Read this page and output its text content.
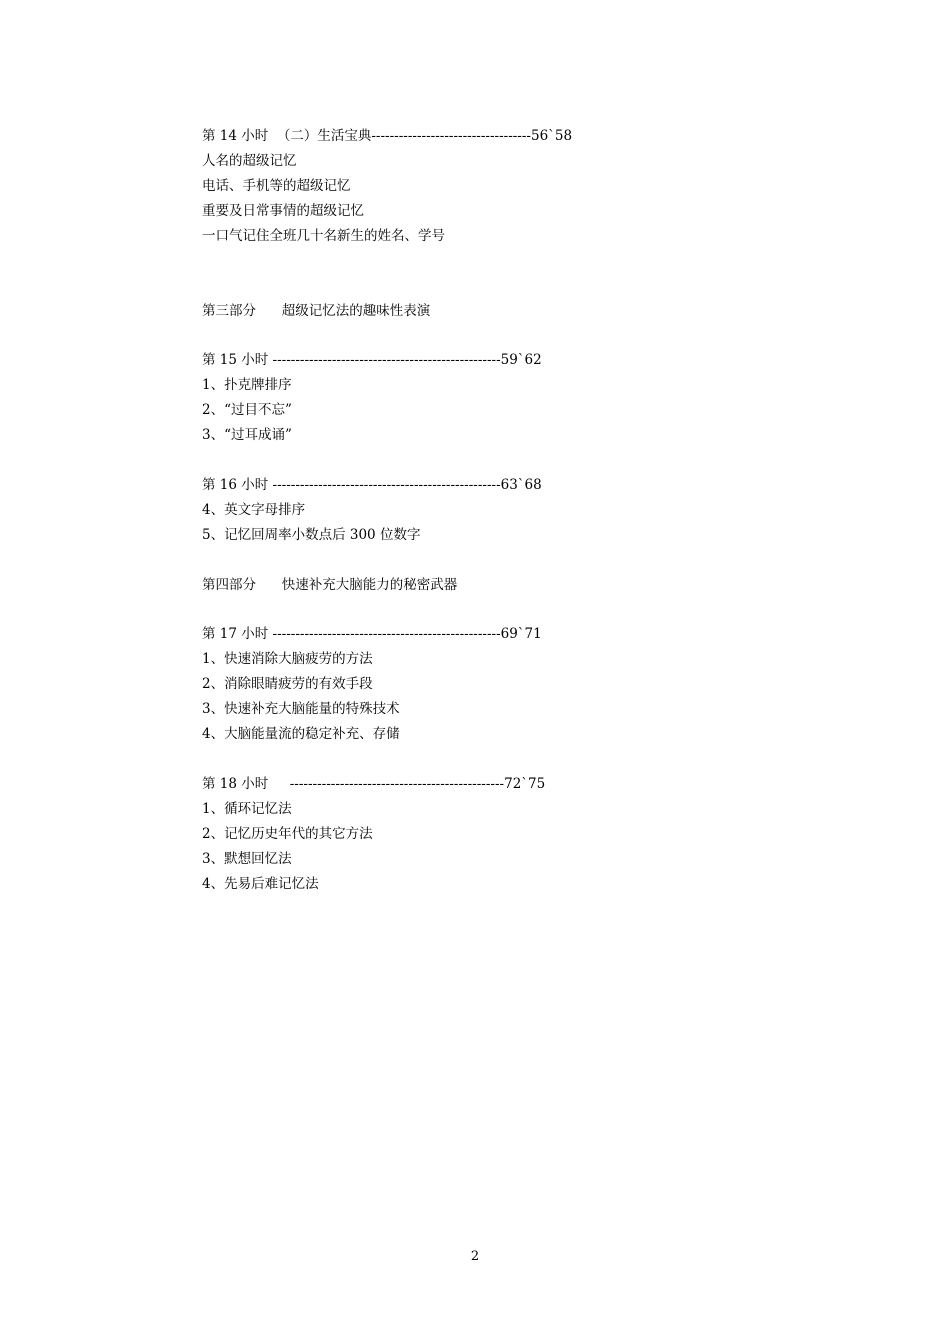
第 14 小时  （二）生活宝典-----------------------------------56`58
人名的超级记忆
电话、手机等的超级记忆
重要及日常事情的超级记忆
一口气记住全班几十名新生的姓名、学号
第三部分      超级记忆法的趣味性表演
第 15 小时 --------------------------------------------------59`62
1、扑克牌排序
2、“过目不忘”
3、“过耳成诵”
第 16 小时 --------------------------------------------------63`68
4、英文字母排序
5、记忆回周率小数点后 300 位数字
第四部分      快速补充大脑能力的秘密武器
第 17 小时 --------------------------------------------------69`71
1、快速消除大脑疲劳的方法
2、消除眼睛疲劳的有效手段
3、快速补充大脑能量的特殊技术
4、大脑能量流的稳定补充、存储
第 18 小时     -----------------------------------------------72`75
1、循环记忆法
2、记忆历史年代的其它方法
3、默想回忆法
4、先易后难记忆法
2
